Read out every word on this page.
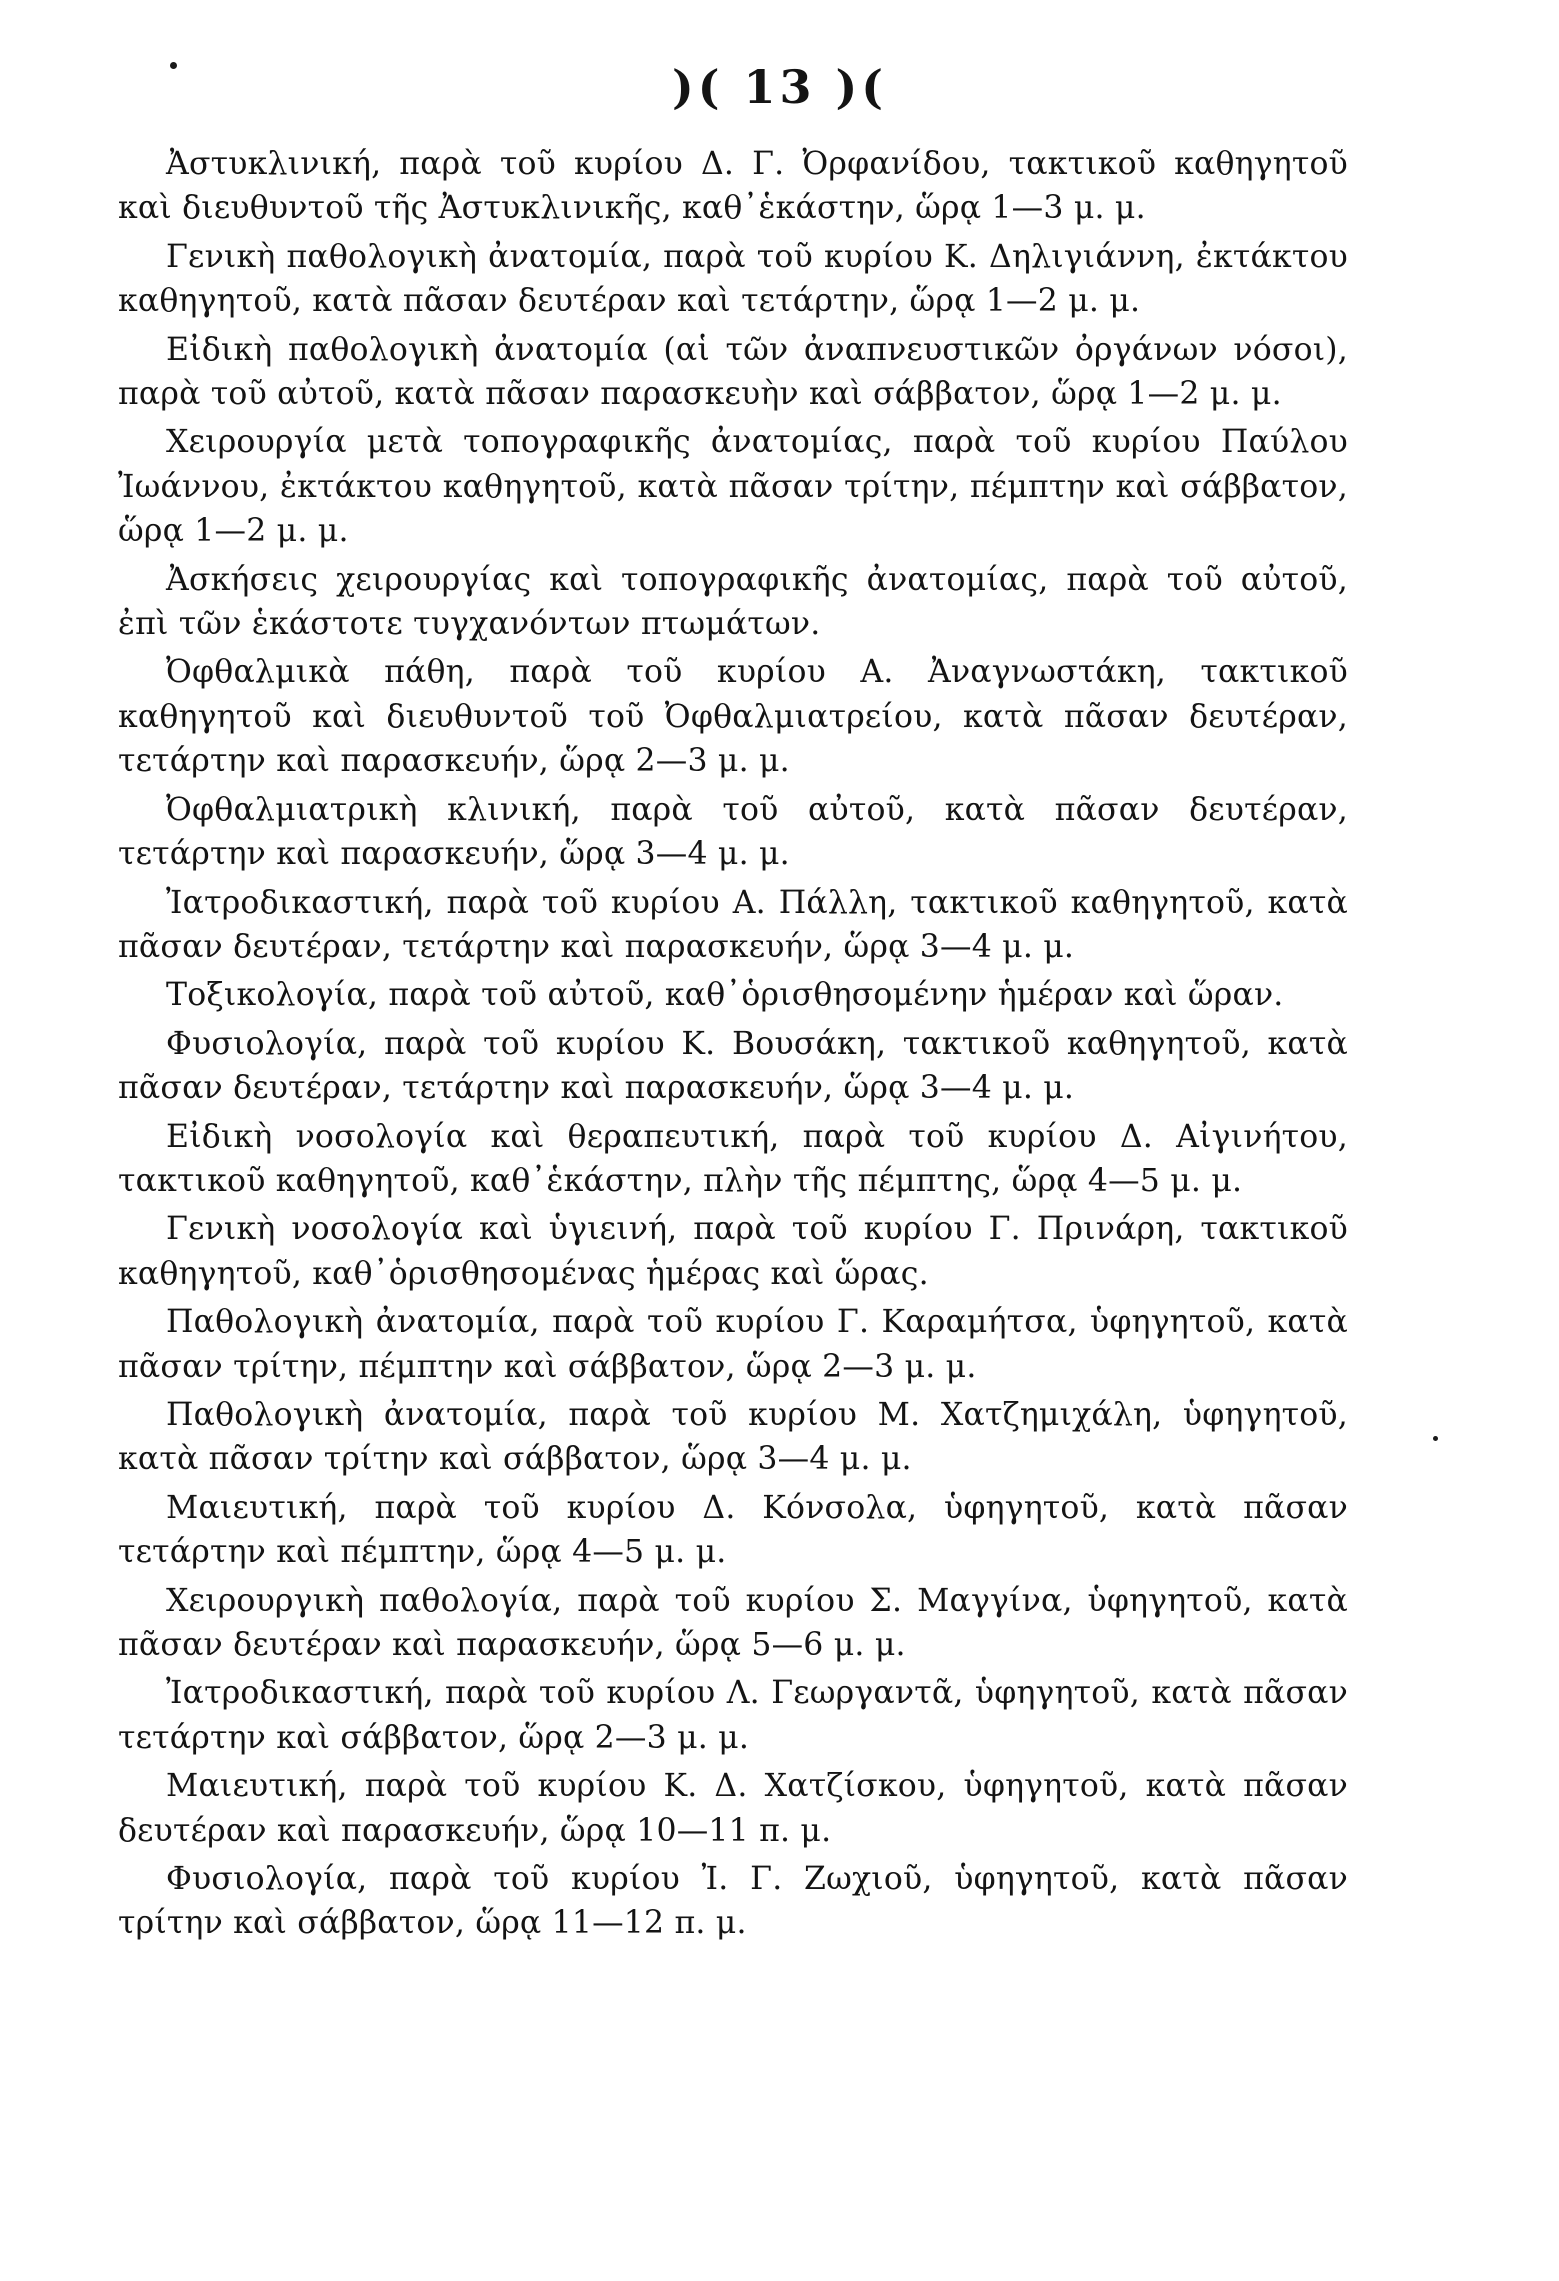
)( 13 )(

Ἀστυκλινική, παρὰ τοῦ κυρίου Δ. Γ. Ὀρφανίδου, τακτικοῦ καθηγητοῦ καὶ διευθυντοῦ τῆς Ἀστυκλινικῆς, καθ᾽ἑκάστην, ὥρᾳ 1—3 μ. μ.

Γενικὴ παθολογικὴ ἀνατομία, παρὰ τοῦ κυρίου Κ. Δηλιγιάννη, ἐκτάκτου καθηγητοῦ, κατὰ πᾶσαν δευτέραν καὶ τετάρτην, ὥρᾳ 1—2 μ. μ.

Εἰδικὴ παθολογικὴ ἀνατομία (αἱ τῶν ἀναπνευστικῶν ὀργάνων νόσοι), παρὰ τοῦ αὐτοῦ, κατὰ πᾶσαν παρασκευὴν καὶ σάββατον, ὥρᾳ 1—2 μ. μ.

Χειρουργία μετὰ τοπογραφικῆς ἀνατομίας, παρὰ τοῦ κυρίου Παύλου Ἰωάννου, ἐκτάκτου καθηγητοῦ, κατὰ πᾶσαν τρίτην, πέμπτην καὶ σάββατον, ὥρᾳ 1—2 μ. μ.

Ἀσκήσεις χειρουργίας καὶ τοπογραφικῆς ἀνατομίας, παρὰ τοῦ αὐτοῦ, ἐπὶ τῶν ἑκάστοτε τυγχανόντων πτωμάτων.

Ὀφθαλμικὰ πάθη, παρὰ τοῦ κυρίου Α. Ἀναγνωστάκη, τακτικοῦ καθηγητοῦ καὶ διευθυντοῦ τοῦ Ὀφθαλμιατρείου, κατὰ πᾶσαν δευτέραν, τετάρτην καὶ παρασκευήν, ὥρᾳ 2—3 μ. μ.

Ὀφθαλμιατρικὴ κλινική, παρὰ τοῦ αὐτοῦ, κατὰ πᾶσαν δευτέραν, τετάρτην καὶ παρασκευήν, ὥρᾳ 3—4 μ. μ.

Ἰατροδικαστική, παρὰ τοῦ κυρίου Α. Πάλλη, τακτικοῦ καθηγητοῦ, κατὰ πᾶσαν δευτέραν, τετάρτην καὶ παρασκευήν, ὥρᾳ 3—4 μ. μ.

Τοξικολογία, παρὰ τοῦ αὐτοῦ, καθ᾽ὁρισθησομένην ἡμέραν καὶ ὥραν.

Φυσιολογία, παρὰ τοῦ κυρίου Κ. Βουσάκη, τακτικοῦ καθηγητοῦ, κατὰ πᾶσαν δευτέραν, τετάρτην καὶ παρασκευήν, ὥρᾳ 3—4 μ. μ.

Εἰδικὴ νοσολογία καὶ θεραπευτική, παρὰ τοῦ κυρίου Δ. Αἰγινήτου, τακτικοῦ καθηγητοῦ, καθ᾽ἑκάστην, πλὴν τῆς πέμπτης, ὥρᾳ 4—5 μ. μ.

Γενικὴ νοσολογία καὶ ὑγιεινή, παρὰ τοῦ κυρίου Γ. Πρινάρη, τακτικοῦ καθηγητοῦ, καθ᾽ὁρισθησομένας ἡμέρας καὶ ὥρας.

Παθολογικὴ ἀνατομία, παρὰ τοῦ κυρίου Γ. Καραμήτσα, ὑφηγητοῦ, κατὰ πᾶσαν τρίτην, πέμπτην καὶ σάββατον, ὥρᾳ 2—3 μ. μ.

Παθολογικὴ ἀνατομία, παρὰ τοῦ κυρίου Μ. Χατζημιχάλη, ὑφηγητοῦ, κατὰ πᾶσαν τρίτην καὶ σάββατον, ὥρᾳ 3—4 μ. μ.

Μαιευτική, παρὰ τοῦ κυρίου Δ. Κόνσολα, ὑφηγητοῦ, κατὰ πᾶσαν τετάρτην καὶ πέμπτην, ὥρᾳ 4—5 μ. μ.

Χειρουργικὴ παθολογία, παρὰ τοῦ κυρίου Σ. Μαγγίνα, ὑφηγητοῦ, κατὰ πᾶσαν δευτέραν καὶ παρασκευήν, ὥρᾳ 5—6 μ. μ.

Ἰατροδικαστική, παρὰ τοῦ κυρίου Λ. Γεωργαντᾶ, ὑφηγητοῦ, κατὰ πᾶσαν τετάρτην καὶ σάββατον, ὥρᾳ 2—3 μ. μ.

Μαιευτική, παρὰ τοῦ κυρίου Κ. Δ. Χατζίσκου, ὑφηγητοῦ, κατὰ πᾶσαν δευτέραν καὶ παρασκευήν, ὥρᾳ 10—11 π. μ.

Φυσιολογία, παρὰ τοῦ κυρίου Ἰ. Γ. Ζωχιοῦ, ὑφηγητοῦ, κατὰ πᾶσαν τρίτην καὶ σάββατον, ὥρᾳ 11—12 π. μ.
